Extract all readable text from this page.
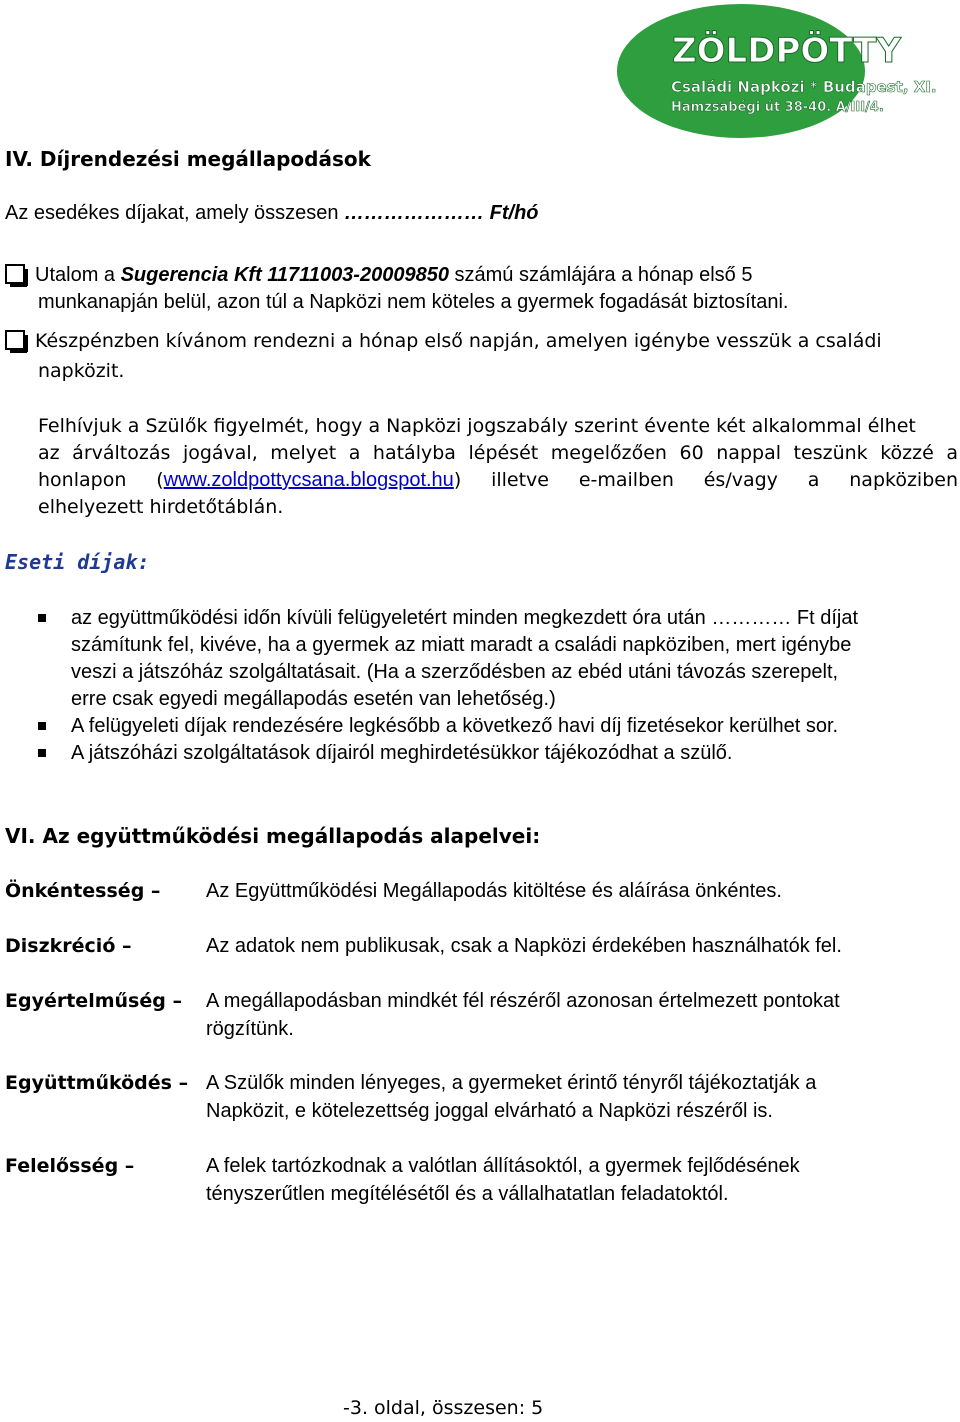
ZÖLDPÖTTY
Családi Napközi * Budapest, XI.
Hamzsabégi út 38-40. A/III/4.
IV. Díjrendezési megállapodások
Az esedékes díjakat, amely összesen ………………… Ft/hó
Utalom a Sugerencia Kft 11711003-20009850 számú számlájára a hónap első 5
munkanapján belül, azon túl a Napközi nem köteles a gyermek fogadását biztosítani.
Készpénzben kívánom rendezni a hónap első napján, amelyen igénybe vesszük a családi
napközit.
Felhívjuk a Szülők figyelmét, hogy a Napközi jogszabály szerint évente két alkalommal élhet
az árváltozás jogával, melyet a hatályba lépését megelőzően 60 nappal teszünk közzé a
honlapon (www.zoldpottycsana.blogspot.hu) illetve e-mailben és/vagy a napköziben
elhelyezett hirdetőtáblán.
Eseti díjak:
az együttműködési időn kívüli felügyeletért minden megkezdett óra után ………… Ft díjat
számítunk fel, kivéve, ha a gyermek az miatt maradt a családi napköziben, mert igénybe
veszi a játszóház szolgáltatásait. (Ha a szerződésben az ebéd utáni távozás szerepelt,
erre csak egyedi megállapodás esetén van lehetőség.)
A felügyeleti díjak rendezésére legkésőbb a következő havi díj fizetésekor kerülhet sor.
A játszóházi szolgáltatások díjairól meghirdetésükkor tájékozódhat a szülő.
VI. Az együttműködési megállapodás alapelvei:
Önkéntesség – Az Együttműködési Megállapodás kitöltése és aláírása önkéntes.
Diszkréció –	Az adatok nem publikusak, csak a Napközi érdekében használhatók fel.
Egyértelműség – A megállapodásban mindkét fél részéről azonosan értelmezett pontokat
rögzítünk.
Együttműködés – A Szülők minden lényeges, a gyermeket érintő tényről tájékoztatják a
Napközit, e kötelezettség joggal elvárható a Napközi részéről is.
Felelősség –	A felek tartózkodnak a valótlan állításoktól, a gyermek fejlődésének
tényszerűtlen megítélésétől és a vállalhatatlan feladatoktól.
-3. oldal, összesen: 5
